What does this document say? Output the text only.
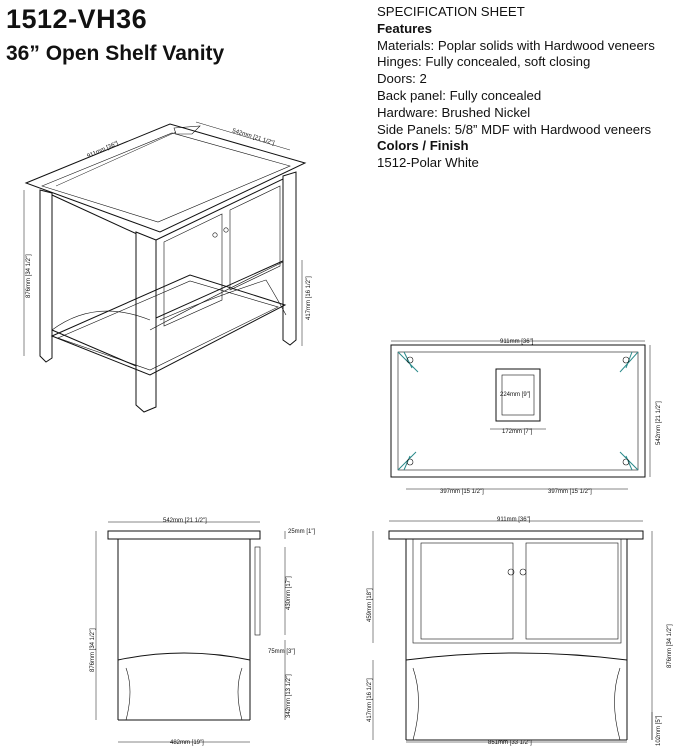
1512-VH36
36” Open Shelf Vanity
SPECIFICATION SHEET
Features
Materials: Poplar solids with Hardwood veneers
Hinges: Fully concealed, soft closing
Doors: 2
Back panel: Fully concealed
Hardware: Brushed Nickel
Side Panels: 5/8” MDF with Hardwood veneers
Colors / Finish
1512-Polar White
911mm [36"]
542mm [21 1/2"]
876mm [34 1/2"]
417mm [16 1/2"]
911mm [36"]
542mm [21 1/2"]
224mm [9"]
172mm [7"]
397mm [15 1/2"]	397mm [15 1/2"]
542mm [21 1/2"]
25mm [1"]
876mm [34 1/2"]
430mm [17"]
75mm [3"]
342mm [13 1/2"]
482mm [19"]
911mm [36"]
459mm [18"]
876mm [34 1/2"]
417mm [16 1/2"]
851mm [33 1/2"]	102mm [5"]
